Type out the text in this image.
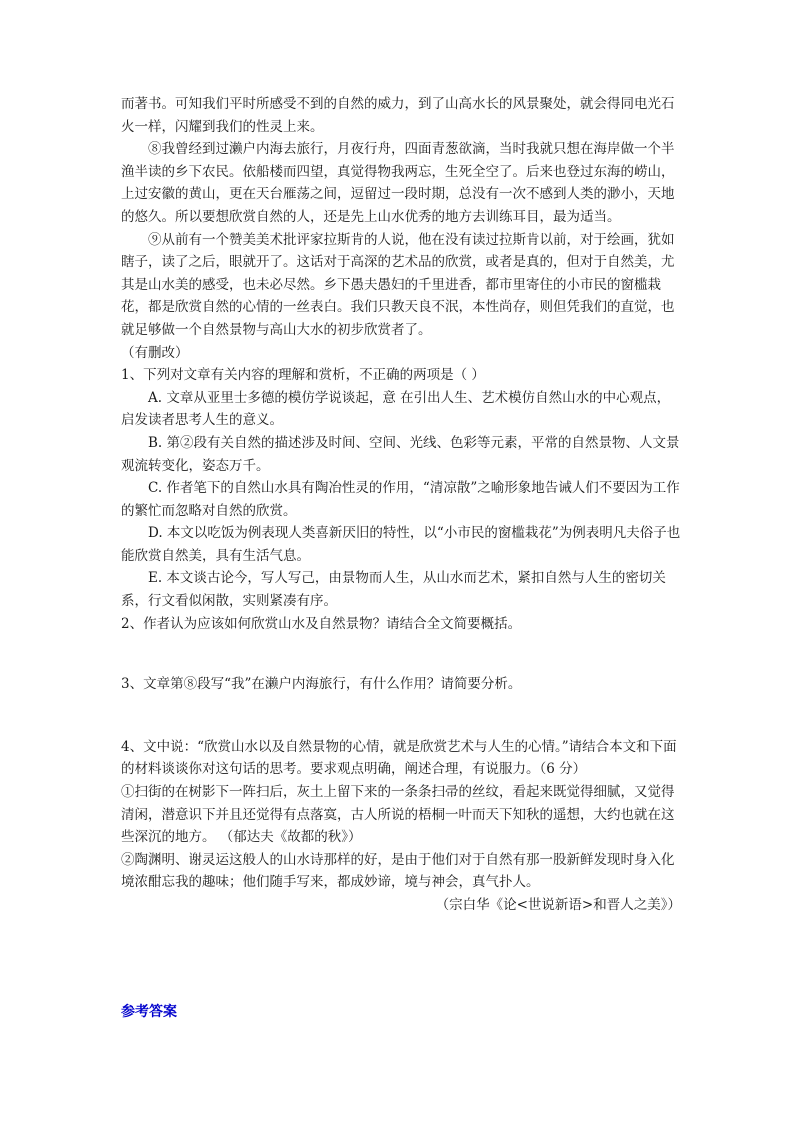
而著书。可知我们平时所感受不到的自然的威力，到了山高水长的风景聚处，就会得同电光石火一样，闪耀到我们的性灵上来。

⑧我曾经到过濑户内海去旅行，月夜行舟，四面青葱欲滴，当时我就只想在海岸做一个半渔半读的乡下农民。依船楼而四望，真觉得物我两忘，生死全空了。后来也登过东海的崂山，上过安徽的黄山，更在天台雁荡之间，逗留过一段时期，总没有一次不感到人类的渺小，天地的悠久。所以要想欣赏自然的人，还是先上山水优秀的地方去训练耳目，最为适当。

⑨从前有一个赞美美术批评家拉斯肯的人说，他在没有读过拉斯肯以前，对于绘画，犹如瞎子，读了之后，眼就开了。这话对于高深的艺术品的欣赏，或者是真的，但对于自然美，尤其是山水美的感受，也未必尽然。乡下愚夫愚妇的千里进香，都市里寄住的小市民的窗槛栽花，都是欣赏自然的心情的一丝表白。我们只教天良不泯，本性尚存，则但凭我们的直觉，也就足够做一个自然景物与高山大水的初步欣赏者了。

（有删改）

1、下列对文章有关内容的理解和赏析，不正确的两项是（ ）

A. 文章从亚里士多德的模仿学说谈起，意 在引出人生、艺术模仿自然山水的中心观点，启发读者思考人生的意义。

B. 第②段有关自然的描述涉及时间、空间、光线、色彩等元素，平常的自然景物、人文景观流转变化，姿态万千。

C. 作者笔下的自然山水具有陶冶性灵的作用，“清凉散”之喻形象地告诫人们不要因为工作的繁忙而忽略对自然的欣赏。

D. 本文以吃饭为例表现人类喜新厌旧的特性，以“小市民的窗槛栽花”为例表明凡夫俗子也能欣赏自然美，具有生活气息。

E. 本文谈古论今，写人写己，由景物而人生，从山水而艺术，紧扣自然与人生的密切关系，行文看似闲散，实则紧凑有序。

2、作者认为应该如何欣赏山水及自然景物？请结合全文简要概括。

3、文章第⑧段写“我”在濑户内海旅行，有什么作用？请简要分析。

4、文中说：“欣赏山水以及自然景物的心情，就是欣赏艺术与人生的心情。”请结合本文和下面的材料谈谈你对这句话的思考。要求观点明确，阐述合理，有说服力。（6 分）

①扫街的在树影下一阵扫后，灰土上留下来的一条条扫帚的丝纹，看起来既觉得细腻，又觉得清闲，潜意识下并且还觉得有点落寞，古人所说的梧桐一叶而天下知秋的遥想，大约也就在这些深沉的地方。 （郁达夫《故都的秋》）

②陶渊明、谢灵运这般人的山水诗那样的好，是由于他们对于自然有那一股新鲜发现时身入化境浓酣忘我的趣味；他们随手写来，都成妙谛，境与神会，真气扑人。

（宗白华《论<世说新语>和晋人之美》）

参考答案
